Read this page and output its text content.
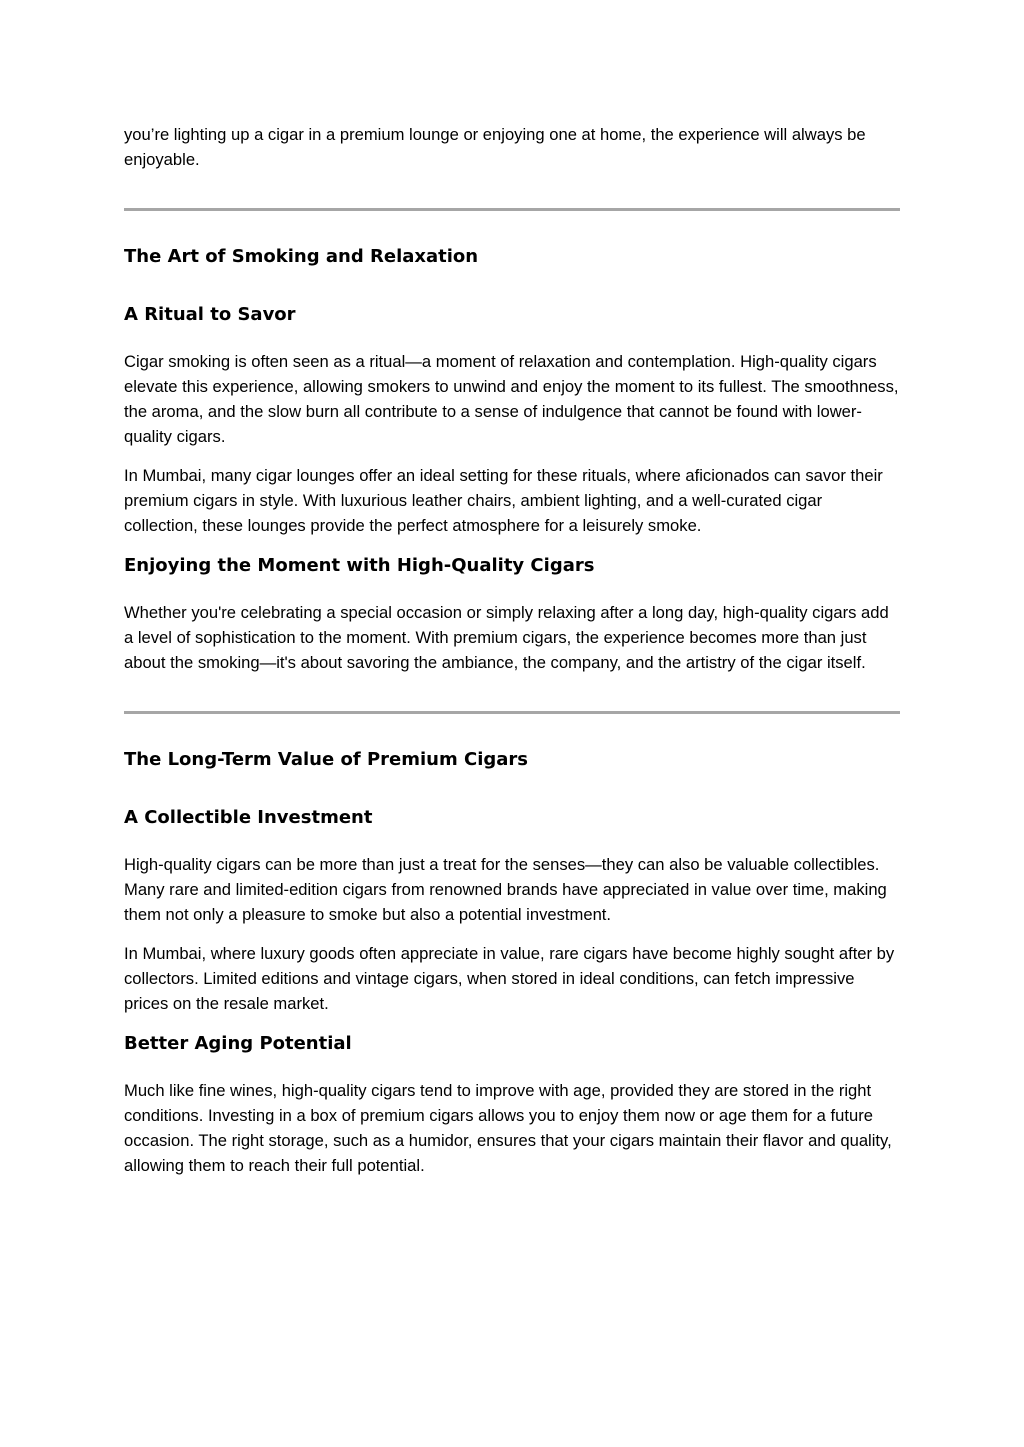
you’re lighting up a cigar in a premium lounge or enjoying one at home, the experience will always be enjoyable.

The Art of Smoking and Relaxation
A Ritual to Savor

Cigar smoking is often seen as a ritual—a moment of relaxation and contemplation. High-quality cigars elevate this experience, allowing smokers to unwind and enjoy the moment to its fullest. The smoothness, the aroma, and the slow burn all contribute to a sense of indulgence that cannot be found with lower-quality cigars.

In Mumbai, many cigar lounges offer an ideal setting for these rituals, where aficionados can savor their premium cigars in style. With luxurious leather chairs, ambient lighting, and a well-curated cigar collection, these lounges provide the perfect atmosphere for a leisurely smoke.

Enjoying the Moment with High-Quality Cigars

Whether you're celebrating a special occasion or simply relaxing after a long day, high-quality cigars add a level of sophistication to the moment. With premium cigars, the experience becomes more than just about the smoking—it's about savoring the ambiance, the company, and the artistry of the cigar itself.

The Long-Term Value of Premium Cigars
A Collectible Investment

High-quality cigars can be more than just a treat for the senses—they can also be valuable collectibles. Many rare and limited-edition cigars from renowned brands have appreciated in value over time, making them not only a pleasure to smoke but also a potential investment.

In Mumbai, where luxury goods often appreciate in value, rare cigars have become highly sought after by collectors. Limited editions and vintage cigars, when stored in ideal conditions, can fetch impressive prices on the resale market.

Better Aging Potential

Much like fine wines, high-quality cigars tend to improve with age, provided they are stored in the right conditions. Investing in a box of premium cigars allows you to enjoy them now or age them for a future occasion. The right storage, such as a humidor, ensures that your cigars maintain their flavor and quality, allowing them to reach their full potential.
